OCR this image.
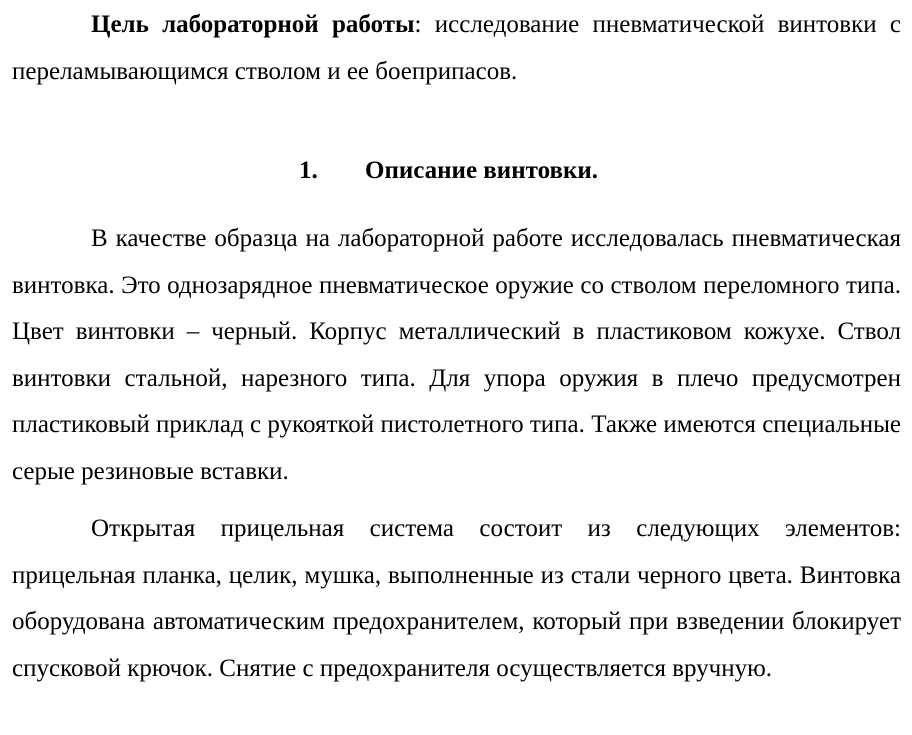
Цель лабораторной работы: исследование пневматической винтовки с переламывающимся стволом и ее боеприпасов.

1. Описание винтовки.

В качестве образца на лабораторной работе исследовалась пневматическая винтовка. Это однозарядное пневматическое оружие со стволом переломного типа. Цвет винтовки – черный. Корпус металлический в пластиковом кожухе. Ствол винтовки стальной, нарезного типа. Для упора оружия в плечо предусмотрен пластиковый приклад с рукояткой пистолетного типа. Также имеются специальные серые резиновые вставки.

Открытая прицельная система состоит из следующих элементов: прицельная планка, целик, мушка, выполненные из стали черного цвета. Винтовка оборудована автоматическим предохранителем, который при взведении блокирует спусковой крючок. Снятие с предохранителя осуществляется вручную.
